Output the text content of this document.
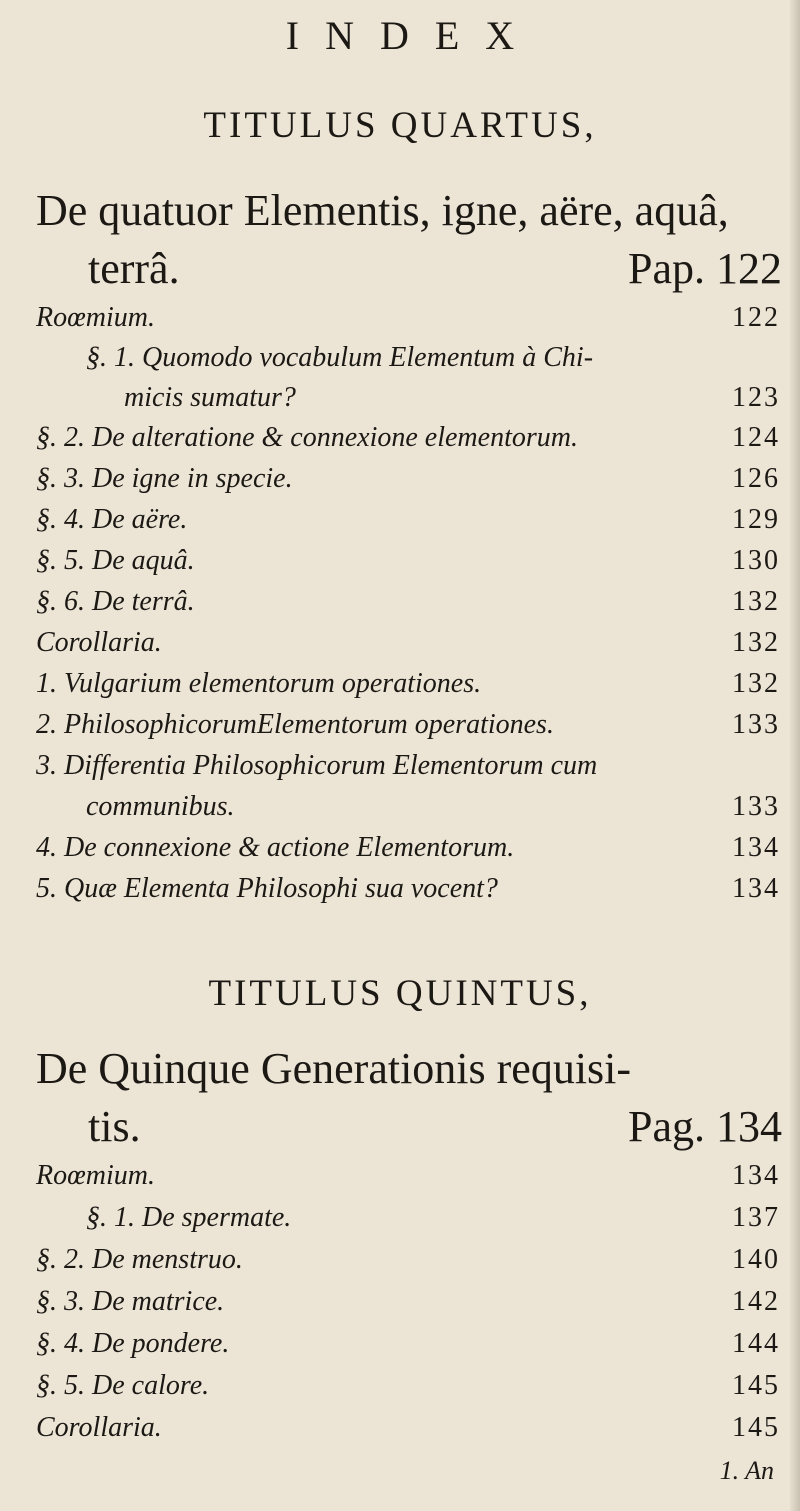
INDEX
TITULUS QUARTUS,
De quatuor Elementis, igne, aëre, aquâ,
terrâ.	Pap. 122
Roœmium.	122
§. 1. Quomodo vocabulum Elementum à Chi-
micis sumatur?	123
§. 2. De alteratione & connexione elementorum.	124
§. 3. De igne in specie.	126
§. 4. De aëre.	129
§. 5. De aquâ.	130
§. 6. De terrâ.	132
Corollaria.	132
1. Vulgarium elementorum operationes.	132
2. PhilosophicorumElementorum operationes.	133
3. Differentia Philosophicorum Elementorum cum
communibus.	133
4. De connexione & actione Elementorum.	134
5. Quæ Elementa Philosophi sua vocent?	134
TITULUS QUINTUS,
De Quinque Generationis requisi-
tis.	Pag. 134
Roœmium.	134
§. 1. De spermate.	137
§. 2. De menstruo.	140
§. 3. De matrice.	142
§. 4. De pondere.	144
§. 5. De calore.	145
Corollaria.	145
1. An
